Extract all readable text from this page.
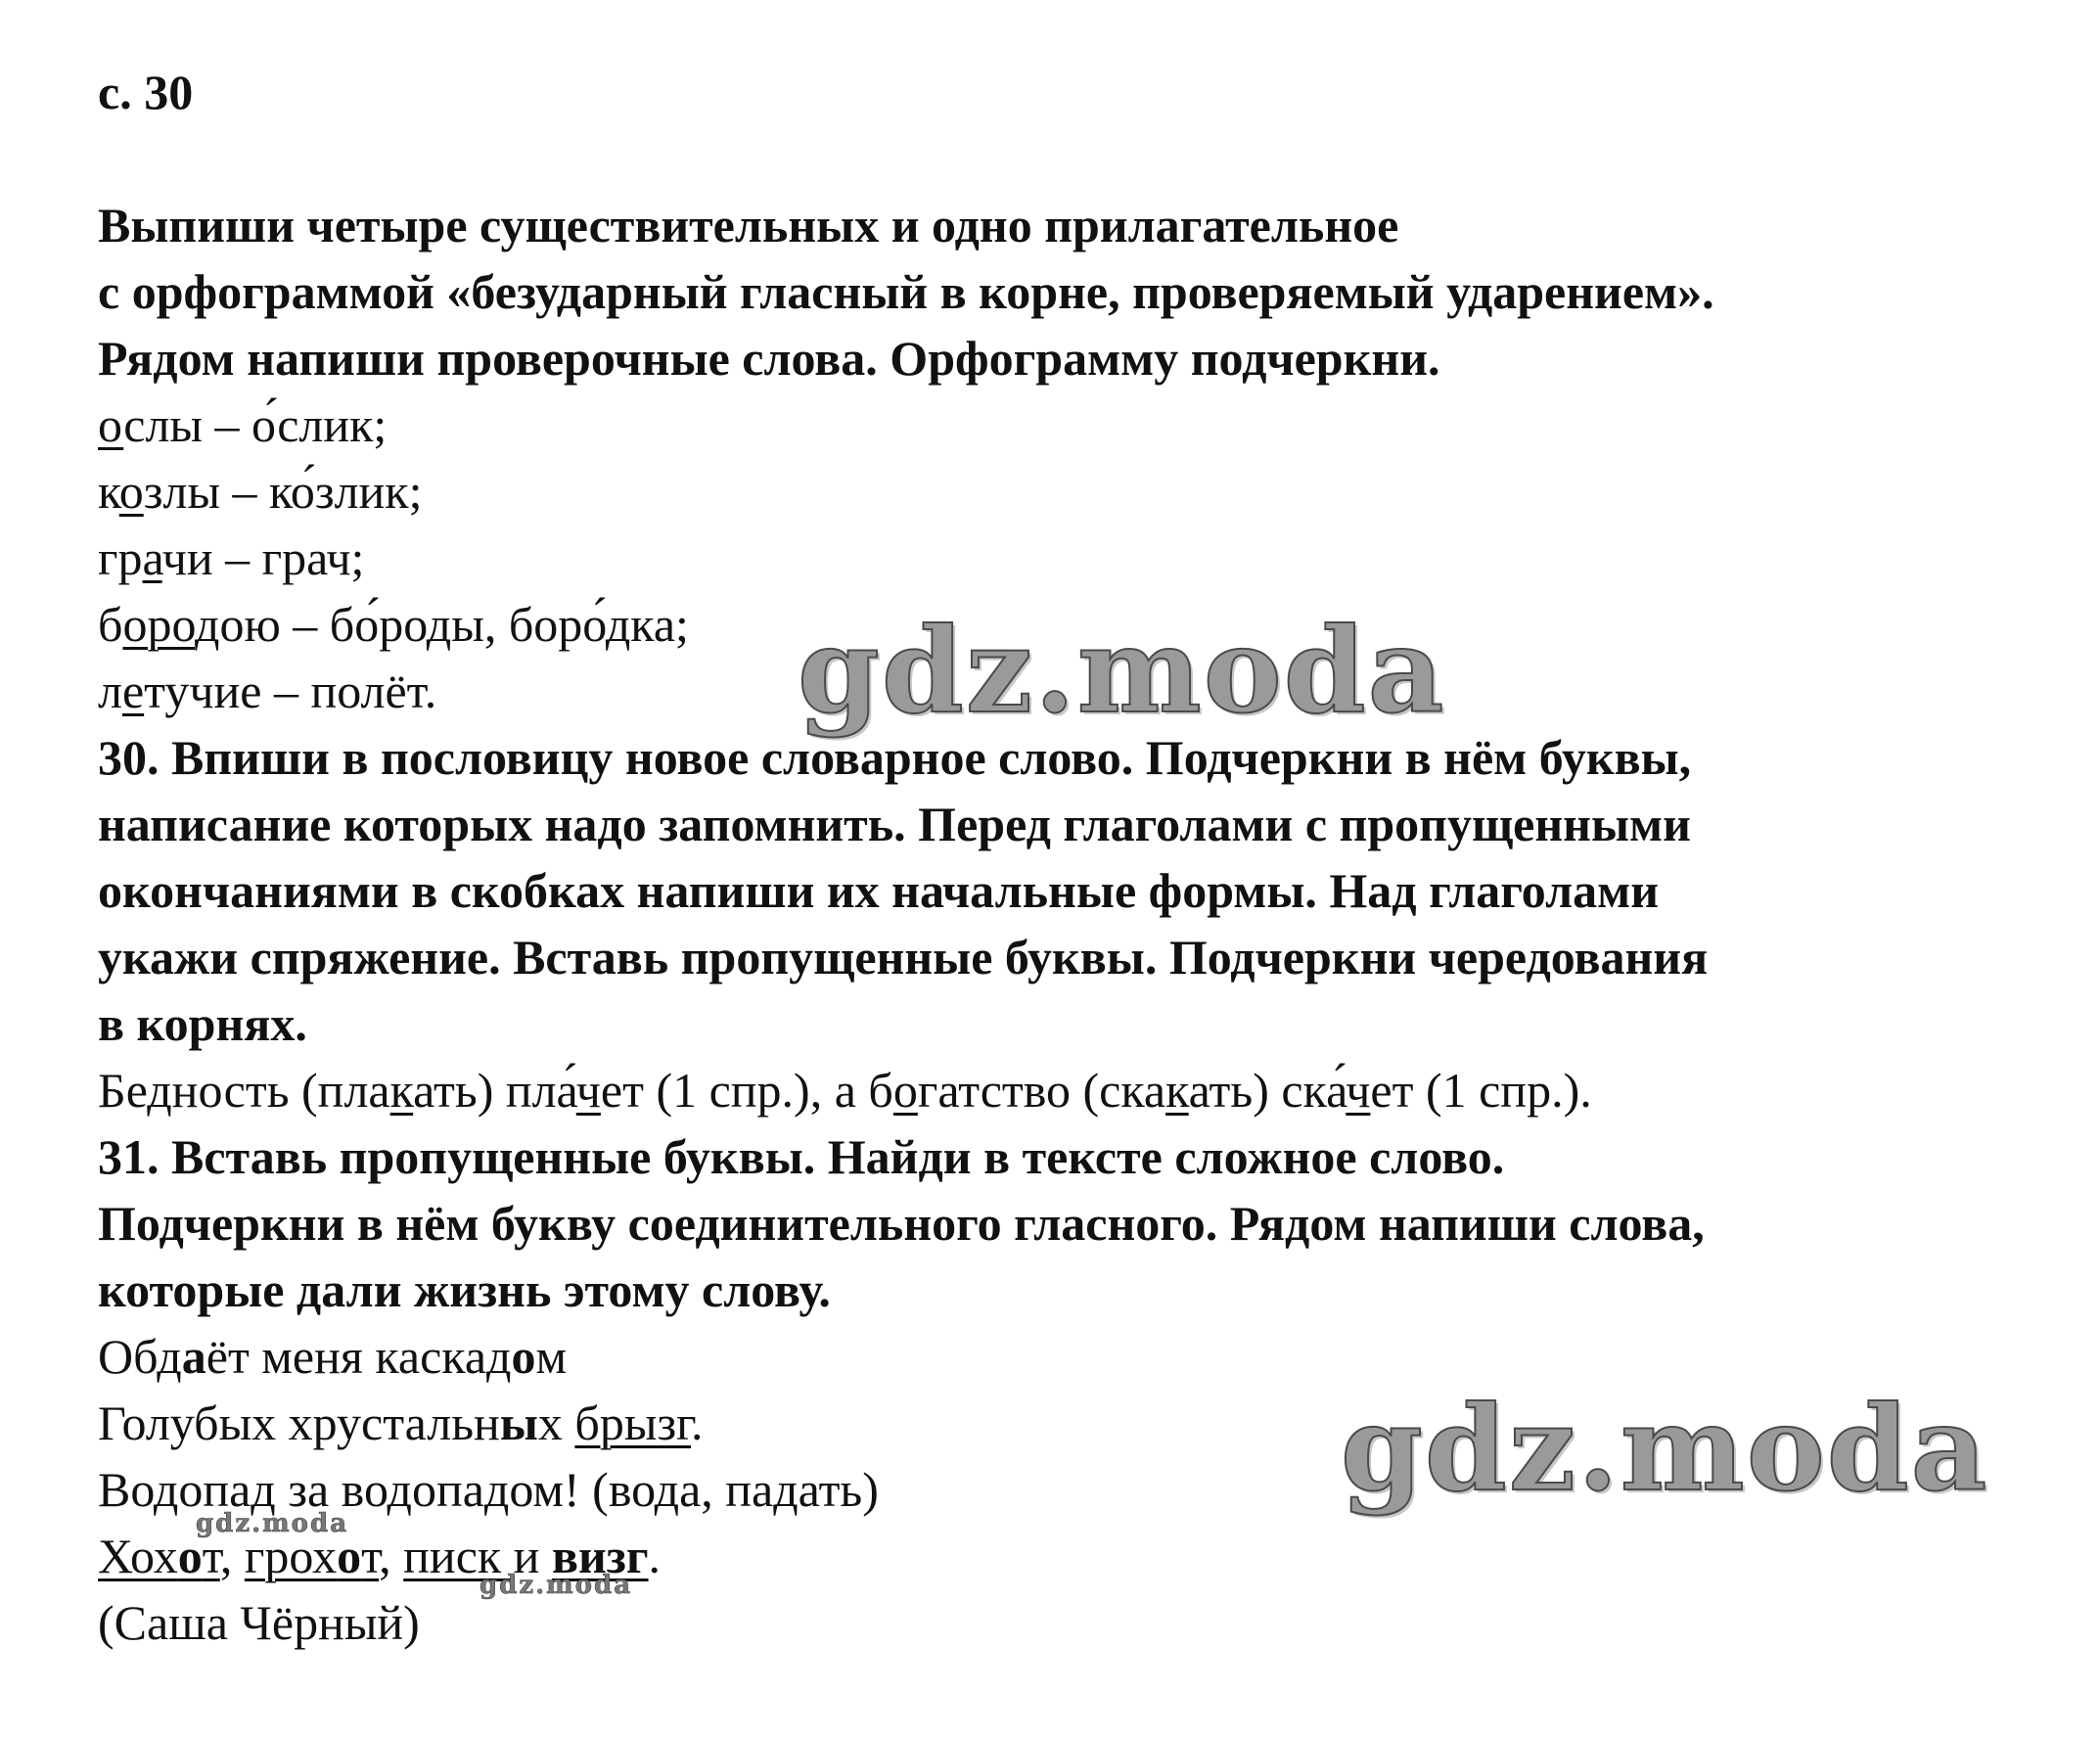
с. 30
Выпиши четыре существительных и одно прилагательное
с орфограммой «безударный гласный в корне, проверяемый ударением».
Рядом напиши проверочные слова. Орфограмму подчеркни.
ослы – о́слик;
козлы – ко́злик;
грачи – грач;
бородою – бо́роды, боро́дка;
летучие – полёт.
30. Впиши в пословицу новое словарное слово. Подчеркни в нём буквы,
написание которых надо запомнить. Перед глаголами с пропущенными
окончаниями в скобках напиши их начальные формы. Над глаголами
укажи спряжение. Вставь пропущенные буквы. Подчеркни чередования
в корнях.
Бедность (плакать) пла́чет (1 спр.), а богатство (скакать) ска́чет (1 спр.).
31. Вставь пропущенные буквы. Найди в тексте сложное слово.
Подчеркни в нём букву соединительного гласного. Рядом напиши слова,
которые дали жизнь этому слову.
Обдаёт меня каскадом
Голубых хрустальных брызг.
Водопад за водопадом! (вода, падать)
Хохот, грохот, писк и визг.
(Саша Чёрный)
gdz.moda
gdz.moda
gdz.moda
gdz.moda
